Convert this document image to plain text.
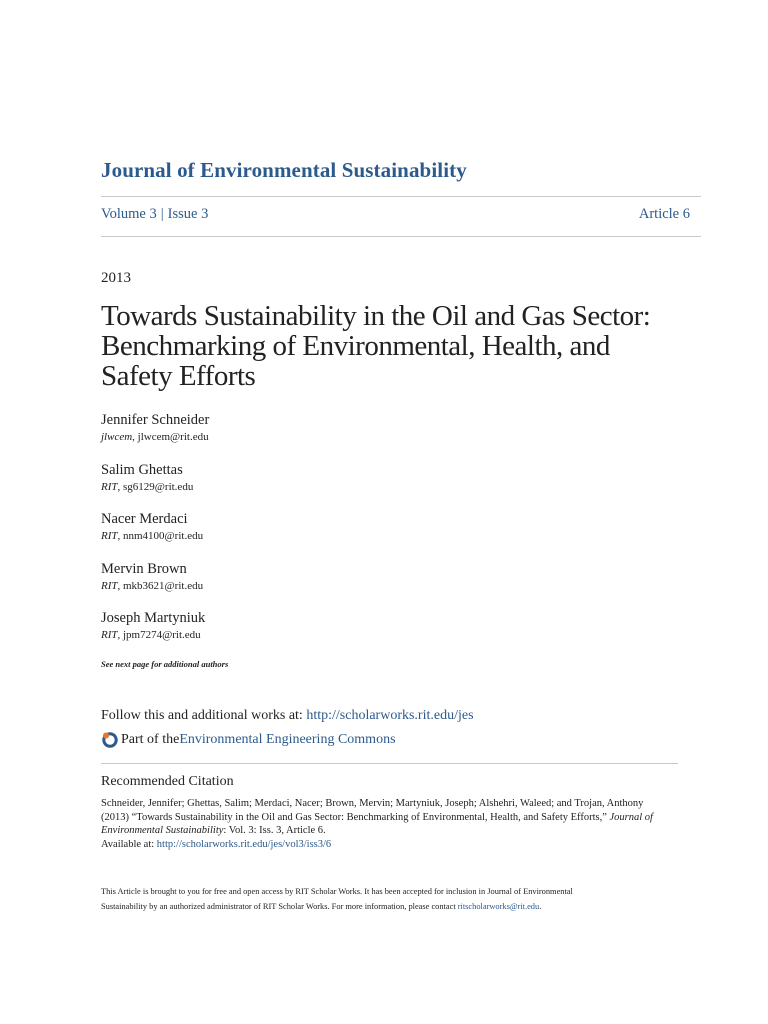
Journal of Environmental Sustainability
Volume 3 | Issue 3	Article 6
2013
Towards Sustainability in the Oil and Gas Sector:
Benchmarking of Environmental, Health, and
Safety Efforts
Jennifer Schneider
jlwcem, jlwcem@rit.edu
Salim Ghettas
RIT, sg6129@rit.edu
Nacer Merdaci
RIT, nnm4100@rit.edu
Mervin Brown
RIT, mkb3621@rit.edu
Joseph Martyniuk
RIT, jpm7274@rit.edu
See next page for additional authors
Follow this and additional works at: http://scholarworks.rit.edu/jes
Part of the Environmental Engineering Commons
Recommended Citation
Schneider, Jennifer; Ghettas, Salim; Merdaci, Nacer; Brown, Mervin; Martyniuk, Joseph; Alshehri, Waleed; and Trojan, Anthony
(2013) “Towards Sustainability in the Oil and Gas Sector: Benchmarking of Environmental, Health, and Safety Efforts,” Journal of
Environmental Sustainability: Vol. 3: Iss. 3, Article 6.
Available at: http://scholarworks.rit.edu/jes/vol3/iss3/6
This Article is brought to you for free and open access by RIT Scholar Works. It has been accepted for inclusion in Journal of Environmental
Sustainability by an authorized administrator of RIT Scholar Works. For more information, please contact ritscholarworks@rit.edu.
